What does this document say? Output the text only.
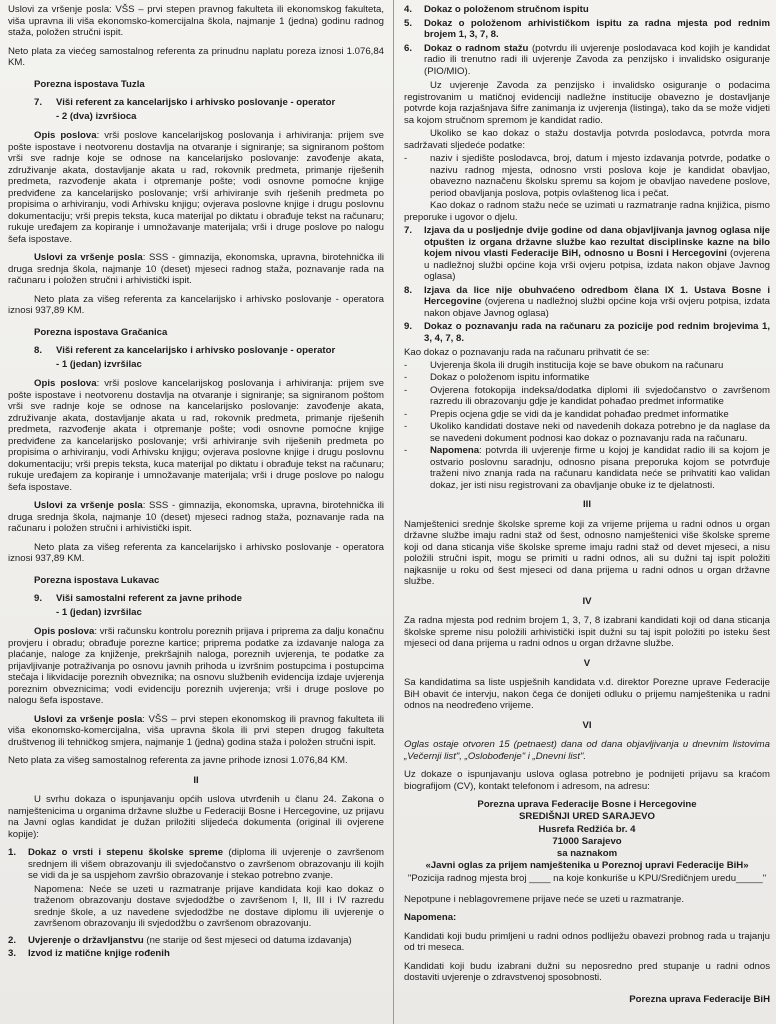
Uslovi za vršenje posla: VŠS – prvi stepen pravnog fakulteta ili ekonomskog fakulteta, viša upravna ili viša ekonomsko-komercijalna škola, najmanje 1 (jedna) godinu radnog staža, položen stručni ispit.

Neto plata za viećeg samostalnog referenta za prinudnu naplatu poreza iznosi 1.076,84 KM.

Porezna ispostava Tuzla
7.	Viši referent za kancelarijsko i arhivsko poslovanje - operator
- 2 (dva) izvršioca

Opis poslova: vrši poslove kancelarijskog poslovanja i arhiviranja: prijem sve pošte ispostave i neotvorenu dostavlja na otvaranje i signiranje; sa signiranom poštom vrši sve radnje koje se odnose na kancelarijsko poslovanje: zavođenje akata, združivanje akata, dostavljanje akata u rad, rokovnik predmeta, primanje riješenih predmeta, razvođenje akata i otpremanje pošte; vodi osnovne pomoćne knjige predviđene za kancelarijsko poslovanje; vrši arhiviranje svih rješenih predmeta po propisima o arhiviranju, vodi Arhivsku knjigu; ovjerava poslovne knjige i drugu poslovnu dokumentaciju; vrši prepis teksta, kuca materijal po diktatu i obrađuje tekst na računaru; rukuje uređajem za kopiranje i umnožavanje materijala; vrši i druge poslove po nalogu šefa ispostave.

Uslovi za vršenje posla: SSS - gimnazija, ekonomska, upravna, birotehnička ili druga srednja škola, najmanje 10 (deset) mjeseci radnog staža, poznavanje rada na računaru i položen stručni i arhivistički ispit.

Neto plata za višeg referenta za kancelarijsko i arhivsko poslovanje - operatora iznosi 937,89 KM.

Porezna ispostava Gračanica
8.	Viši referent za kancelarijsko i arhivsko poslovanje - operator
- 1 (jedan) izvršilac

Opis poslova: vrši poslove kancelarijskog poslovanja i arhiviranja: prijem sve pošte ispostave i neotvorenu dostavlja na otvaranje i signiranje; sa signiranom poštom vrši sve radnje koje se odnose na kancelarijsko poslovanje: zavođenje akata, združivanje akata, dostavljanje akata u rad, rokovnik predmeta, primanje riješenih predmeta, razvođenje akata i otpremanje pošte; vodi osnovne pomoćne knjige predviđene za kancelarijsko poslovanje; vrši arhiviranje svih riješenih predmeta po propisima o arhiviranju, vodi Arhivsku knjigu; ovjerava poslovne knjige i drugu poslovnu dokumentaciju; vrši prepis teksta, kuca materijal po diktatu i obrađuje tekst na računaru; rukuje uređajem za kopiranje i umnožavanje materijala; vrši i druge poslove po nalogu šefa ispostave.

Uslovi za vršenje posla: SSS - gimnazija, ekonomska, upravna, birotehnička ili druga srednja škola, najmanje 10 (deset) mjeseci radnog staža, poznavanje rada na računaru i položen stručni i arhivistički ispit.

Neto plata za višeg referenta za kancelarijsko i arhivsko poslovanje - operatora iznosi 937,89 KM.

Porezna ispostava Lukavac
9.	Viši samostalni referent za javne prihode
- 1 (jedan) izvršilac

Opis poslova: vrši računsku kontrolu poreznih prijava i priprema za dalju konačnu provjeru i obradu; obrađuje porezne kartice; priprema podatke za izdavanje naloga za plaćanje, naloge za knjiženje, prekršajnih naloga, poreznih uvjerenja, te podatke za prijavljivanje potraživanja po osnovu javnih prihoda u izvršnim postupcima i postupcima stečaja i likvidacije poreznih obveznika; na osnovu službenih evidencija izdaje uvjerenja poreznim obveznicima; vodi evidenciju poreznih uvjerenja; vrši i druge poslove po nalogu šefa ispostave.

Uslovi za vršenje posla: VŠS – prvi stepen ekonomskog ili pravnog fakulteta ili viša ekonomsko-komercijalna, viša upravna škola ili prvi stepen drugog fakulteta društvenog ili tehničkog smjera, najmanje 1 (jedna) godina staža i položen stručni ispit.

Neto plata za višeg samostalnog referenta za javne prihode iznosi 1.076,84 KM.

II

U svrhu dokaza o ispunjavanju općih uslova utvrđenih u članu 24. Zakona o namještenicima u organima državne službe u Federaciji Bosne i Hercegovine, uz prijavu na Javni oglas kandidat je dužan priložiti slijedeća dokumenta (original ili ovjerene kopije):

1.	Dokaz o vrsti i stepenu školske spreme (diploma ili uvjerenje o završenom srednjem ili višem obrazovanju ili svjedočanstvo o završenom obrazovanju ili kojih se vidi da je sa uspjehom završio obrazovanje i stekao potrebno zvanje.
Napomena: Neće se uzeti u razmatranje prijave kandidata koji kao dokaz o traženom obrazovanju dostave svjedodžbe o završenom I, II, III i IV razredu srednje škole, a uz navedene svjedodžbe ne dostave diplomu ili uvjerenje o završenom obrazovanju ili svjedodžbu o završenom obrazovanju.
2.	Uvjerenje o državljanstvu (ne starije od šest mjeseci od datuma izdavanja)
3.	Izvod iz matične knjige rođenih
4.	Dokaz o položenom stručnom ispitu
5.	Dokaz o položenom arhivističkom ispitu za radna mjesta pod rednim brojem 1, 3, 7, 8.
6.	Dokaz o radnom stažu (potvrdu ili uvjerenje poslodavaca kod kojih je kandidat radio ili trenutno radi ili uvjerenje Zavoda za penzijsko i invalidsko osiguranje (PIO/MIO).

Uz uvjerenje Zavoda za penzijsko i invalidsko osiguranje o podacima registrovanim u matičnoj evidenciji nadležne institucije obavezno je dostavljanje potvrde koja razjašnjava šifre zanimanja iz uvjerenja (listinga), tako da se može vidjeti sa kojom stručnom spremom je kandidat radio.

Ukoliko se kao dokaz o stažu dostavlja potvrda poslodavca, potvrda mora sadržavati sljedeće podatke:

-	naziv i sjedište poslodavca, broj, datum i mjesto izdavanja potvrde, podatke o nazivu radnog mjesta, odnosno vrsti poslova koje je kandidat obavljao, obavezno naznačenu školsku spremu sa kojom je obavljao navedene poslove, period obavljanja poslova, potpis ovlaštenog lica i pečat.

Kao dokaz o radnom stažu neće se uzimati u razmatranje radna knjižica, pismo preporuke i ugovor o djelu.

7.	Izjava da u posljednje dvije godine od dana objavljivanja javnog oglasa nije otpušten iz organa državne službe kao rezultat disciplinske kazne na bilo kojem nivou vlasti Federacije BiH, odnosno u Bosni i Hercegovini (ovjerena u nadležnoj službi općine koja vrši ovjeru potpisa, izdata nakon objave Javnog oglasa)
8.	Izjava da lice nije obuhvaćeno odredbom člana IX 1. Ustava Bosne i Hercegovine (ovjerena u nadležnoj službi općine koja vrši ovjeru potpisa, izdata nakon objave Javnog oglasa)
9.	Dokaz o poznavanju rada na računaru za pozicije pod rednim brojevima 1, 3, 4, 7, 8.

Kao dokaz o poznavanju rada na računaru prihvatit će se:

-	Uvjerenja škola ili drugih institucija koje se bave obukom na računaru
-	Dokaz o položenom ispitu informatike
-	Ovjerena fotokopija indeksa/dodatka diplomi ili svjedočanstvo o završenom razredu ili obrazovanju gdje je kandidat pohađao predmet informatike
-	Prepis ocjena gdje se vidi da je kandidat pohađao predmet informatike
-	Ukoliko kandidati dostave neki od navedenih dokaza potrebno je da naglase da se navedeni dokument podnosi kao dokaz o poznavanju rada na računaru.
-	Napomena: potvrda ili uvjerenje firme u kojoj je kandidat radio ili sa kojom je ostvario poslovnu saradnju, odnosno pisana preporuka kojom se potvrđuje traženi nivo znanja rada na računaru kandidata neće se prihvatiti kao validan dokaz, jer isti nisu registrovani za obavljanje obuke iz te djelatnosti.
III

Namještenici srednje školske spreme koji za vrijeme prijema u radni odnos u organ državne službe imaju radni staž od šest, odnosno namještenici više školske spreme koji od dana sticanja više školske spreme imaju radni staž od devet mjeseci, a nisu položili stručni ispit, mogu se primiti u radni odnos, ali su dužni taj ispit položiti najkasnije u roku od šest mjeseci od dana prijema u radni odnos u organ državne službe.

IV

Za radna mjesta pod rednim brojem 1, 3, 7, 8 izabrani kandidati koji od dana sticanja školske spreme nisu položili arhivistički ispit dužni su taj ispit položiti po isteku šest mjeseci od dana prijema u radni odnos u organ državne službe.

V

Sa kandidatima sa liste uspješnih kandidata v.d. direktor Porezne uprave Federacije BiH obavit će intervju, nakon čega će donijeti odluku o prijemu namještenika u radni odnos na neodređeno vrijeme.

VI

Oglas ostaje otvoren 15 (petnaest) dana od dana objavljivanja u dnevnim listovima „Večernji list", „Oslobođenje" i „Dnevni list".

Uz dokaze o ispunjavanju uslova oglasa potrebno je podnijeti prijavu sa kraćom biografijom (CV), kontakt telefonom i adresom, na adresu:

Porezna uprava Federacije Bosne i Hercegovine

SREDIŠNJI URED SARAJEVO

Husrefa Redžića br. 4

71000 Sarajevo

sa naznakom

«Javni oglas za prijem namještenika u Poreznoj upravi Federacije BiH»

"Pozicija radnog mjesta broj ____ na koje konkuriše u KPU/Sredičnjem uredu_____"

Nepotpune i neblagovremene prijave neće se uzeti u razmatranje.

Napomena:

Kandidati koji budu primljeni u radni odnos podliježu obavezi probnog rada u trajanju od tri meseca.

Kandidati koji budu izabrani dužni su neposredno pred stupanje u radni odnos dostaviti uvjerenje o zdravstvenoj sposobnosti.

Porezna uprava Federacije BiH
